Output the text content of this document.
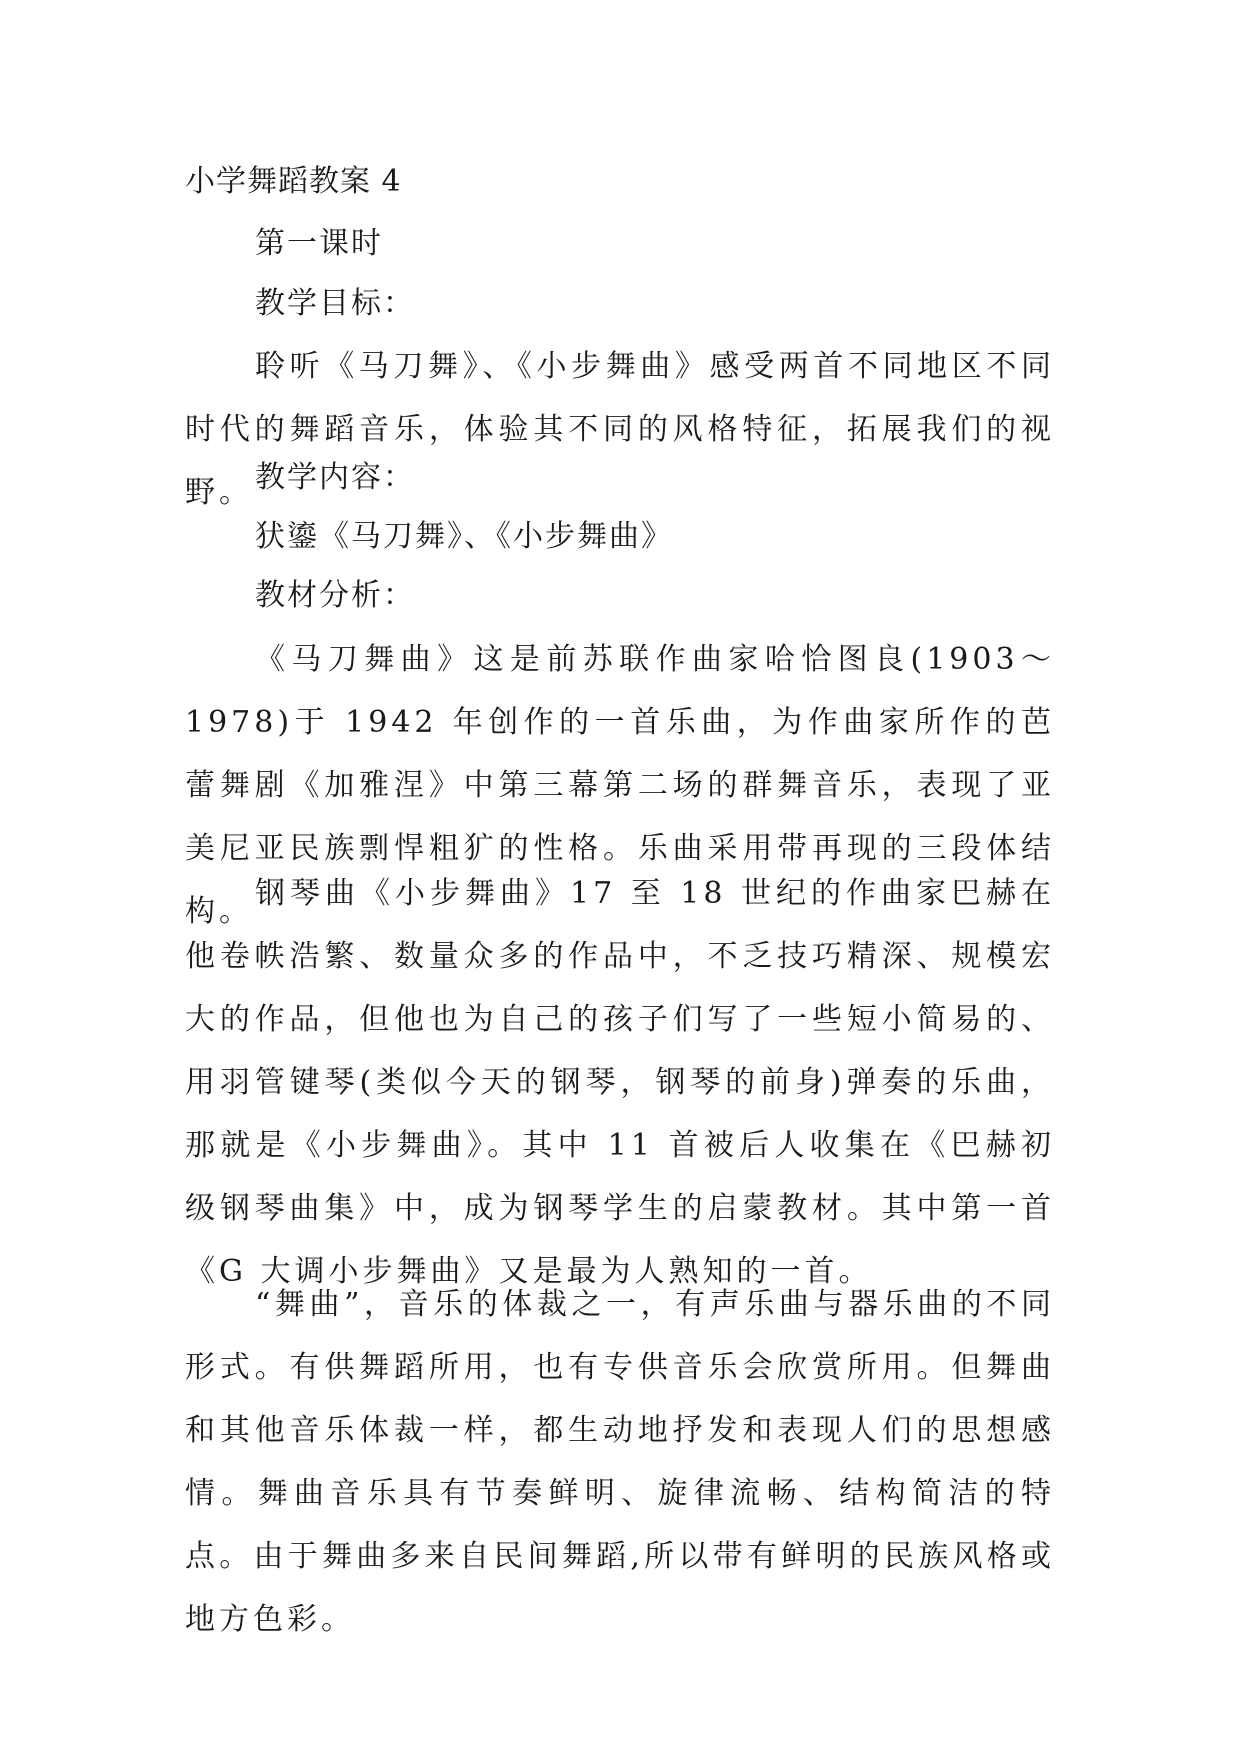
小学舞蹈教案 4
第一课时
教学目标：
聆听《马刀舞》、《小步舞曲》感受两首不同地区不同时代的舞蹈音乐，体验其不同的风格特征，拓展我们的视野。 教学内容：
犾鎏《马刀舞》、《小步舞曲》
教材分析：
《马刀舞曲》这是前苏联作曲家哈恰图良(1903～1978)于 1942 年创作的一首乐曲，为作曲家所作的芭蕾舞剧《加雅涅》中第三幕第二场的群舞音乐，表现了亚美尼亚民族剽悍粗犷的性格。乐曲采用带再现的三段体结构。
钢琴曲《小步舞曲》17 至 18 世纪的作曲家巴赫在他卷帙浩繁、数量众多的作品中，不乏技巧精深、规模宏大的作品，但他也为自己的孩子们写了一些短小简易的、用羽管键琴(类似今天的钢琴，钢琴的前身)弹奏的乐曲，那就是《小步舞曲》。其中 11 首被后人收集在《巴赫初级钢琴曲集》中，成为钢琴学生的启蒙教材。其中第一首《G 大调小步舞曲》又是最为人熟知的一首。
“舞曲”，音乐的体裁之一，有声乐曲与器乐曲的不同形式。有供舞蹈所用，也有专供音乐会欣赏所用。但舞曲和其他音乐体裁一样，都生动地抒发和表现人们的思想感情。舞曲音乐具有节奏鲜明、旋律流畅、结构简洁的特点。由于舞曲多来自民间舞蹈,所以带有鲜明的民族风格或地方色彩。
